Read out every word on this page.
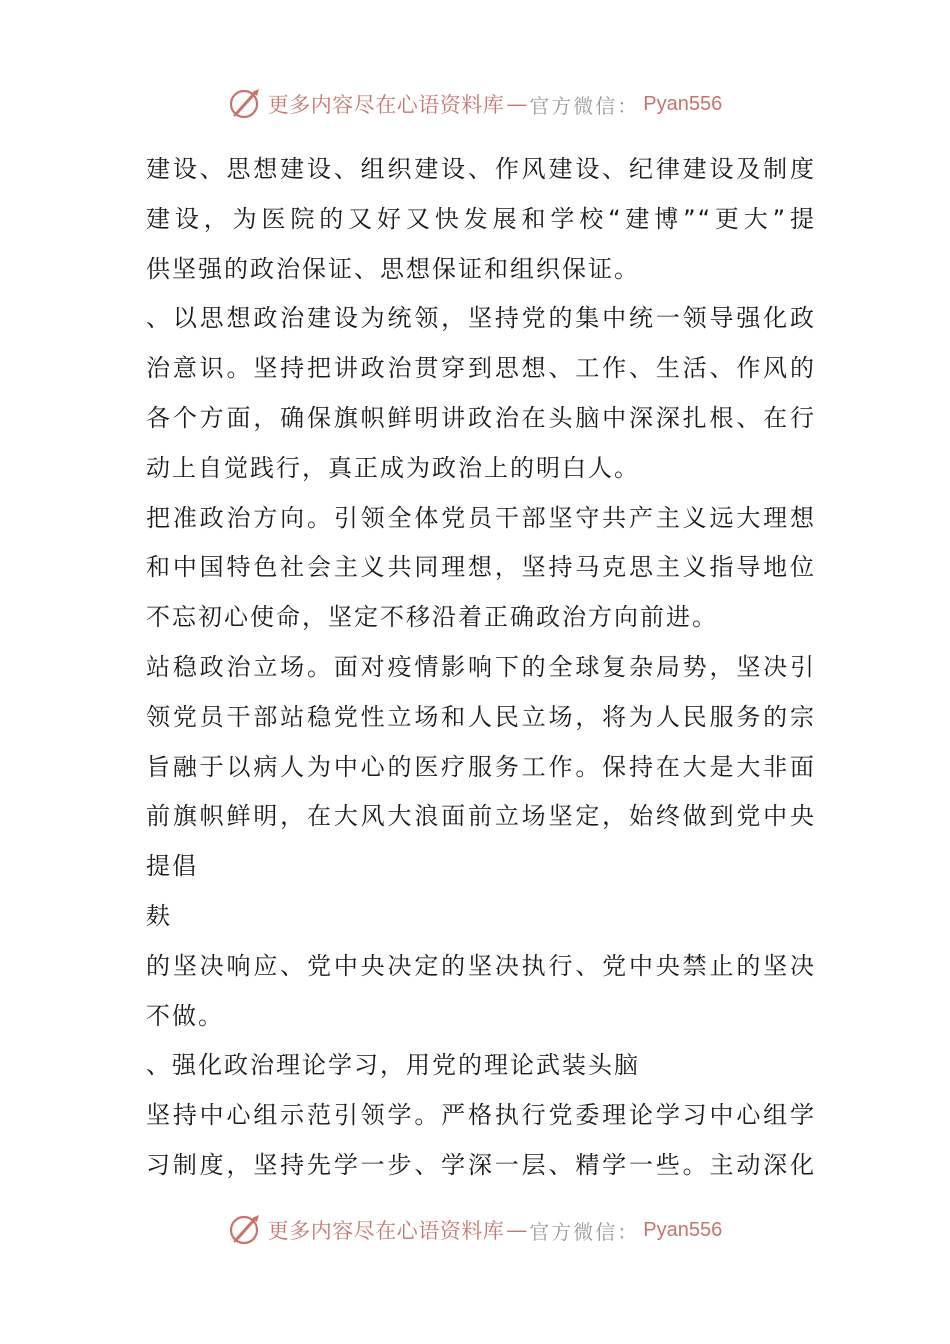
更多内容尽在心语资料库 — 官方微信： Pyan556
建设、思想建设、组织建设、作风建设、纪律建设及制度
建设，为医院的又好又快发展和学校“建博”“更大”提
供坚强的政治保证、思想保证和组织保证。
、以思想政治建设为统领，坚持党的集中统一领导强化政
治意识。坚持把讲政治贯穿到思想、工作、生活、作风的
各个方面，确保旗帜鲜明讲政治在头脑中深深扎根、在行
动上自觉践行，真正成为政治上的明白人。
把准政治方向。引领全体党员干部坚守共产主义远大理想
和中国特色社会主义共同理想，坚持马克思主义指导地位
不忘初心使命，坚定不移沿着正确政治方向前进。
站稳政治立场。面对疫情影响下的全球复杂局势，坚决引
领党员干部站稳党性立场和人民立场，将为人民服务的宗
旨融于以病人为中心的医疗服务工作。保持在大是大非面
前旗帜鲜明，在大风大浪面前立场坚定，始终做到党中央
提倡
麸
的坚决响应、党中央决定的坚决执行、党中央禁止的坚决
不做。
、强化政治理论学习，用党的理论武装头脑
坚持中心组示范引领学。严格执行党委理论学习中心组学
习制度，坚持先学一步、学深一层、精学一些。主动深化
更多内容尽在心语资料库 — 官方微信： Pyan556
